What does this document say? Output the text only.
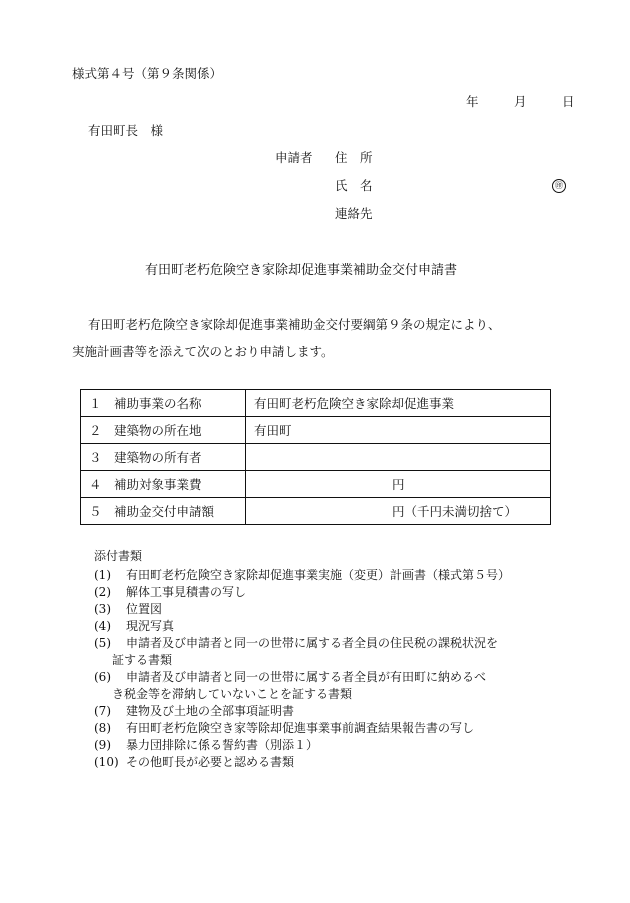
様式第４号（第９条関係）
年	月	日
有田町長　様
申請者 住　所
氏　名	㊞
連絡先
有田町老朽危険空き家除却促進事業補助金交付申請書
有田町老朽危険空き家除却促進事業補助金交付要綱第９条の規定により、
実施計画書等を添えて次のとおり申請します。
１　補助事業の名称	有田町老朽危険空き家除却促進事業
２　建築物の所在地	有田町
３　建築物の所有者	
４　補助対象事業費	円
５　補助金交付申請額	円（千円未満切捨て）
添付書類
(1) 有田町老朽危険空き家除却促進事業実施（変更）計画書（様式第５号）
(2) 解体工事見積書の写し
(3) 位置図
(4) 現況写真
(5) 申請者及び申請者と同一の世帯に属する者全員の住民税の課税状況を
証する書類
(6) 申請者及び申請者と同一の世帯に属する者全員が有田町に納めるべ
き税金等を滞納していないことを証する書類
(7) 建物及び土地の全部事項証明書
(8) 有田町老朽危険空き家等除却促進事業事前調査結果報告書の写し
(9) 暴力団排除に係る誓約書（別添１）
(10) その他町長が必要と認める書類
